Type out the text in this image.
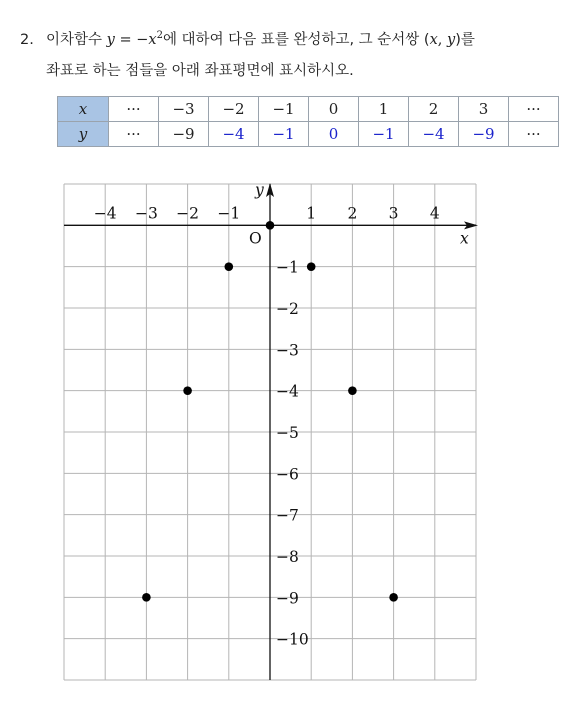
2. 이차함수 $y = -x^2$에 대하여 다음 표를 완성하고, 그 순서쌍 (x, y)를
좌표로 하는 점들을 아래 좌표평면에 표시하시오.
x	···	−3	−2	−1	0	1	2	3	···
y	···	−9	−4	−1	0	−1	−4	−9	···
x
y
O
−4 −3 −2 −1	1 2 3 4
−1
−2
−3
−4
−5
−6
−7
−8
−9
−10
